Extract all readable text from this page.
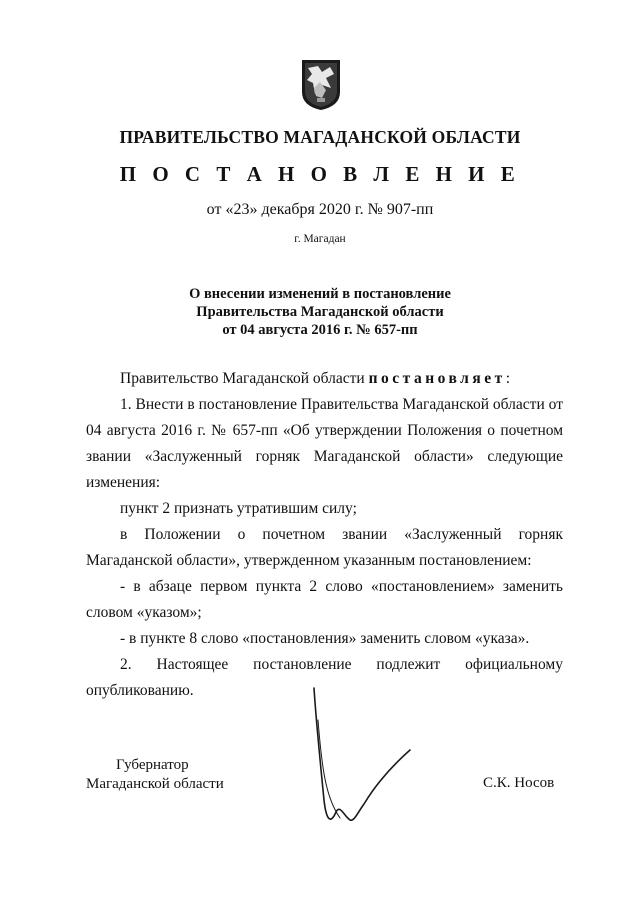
ПРАВИТЕЛЬСТВО МАГАДАНСКОЙ ОБЛАСТИ
П О С Т А Н О В Л Е Н И Е
от «23» декабря 2020 г. № 907-пп
г. Магадан
О внесении изменений в постановление
Правительства Магаданской области
от 04 августа 2016 г. № 657-пп

Правительство Магаданской области постановляет:

1. Внести в постановление Правительства Магаданской области от 04 августа 2016 г. № 657-пп «Об утверждении Положения о почетном звании «Заслуженный горняк Магаданской области» следующие изменения:

пункт 2 признать утратившим силу;

в Положении о почетном звании «Заслуженный горняк Магаданской области», утвержденном указанным постановлением:

- в абзаце первом пункта 2 слово «постановлением» заменить словом «указом»;

- в пункте 8 слово «постановления» заменить словом «указа».

2. Настоящее постановление подлежит официальному опубликованию.

Губернатор
Магаданской области	С.К. Носов
